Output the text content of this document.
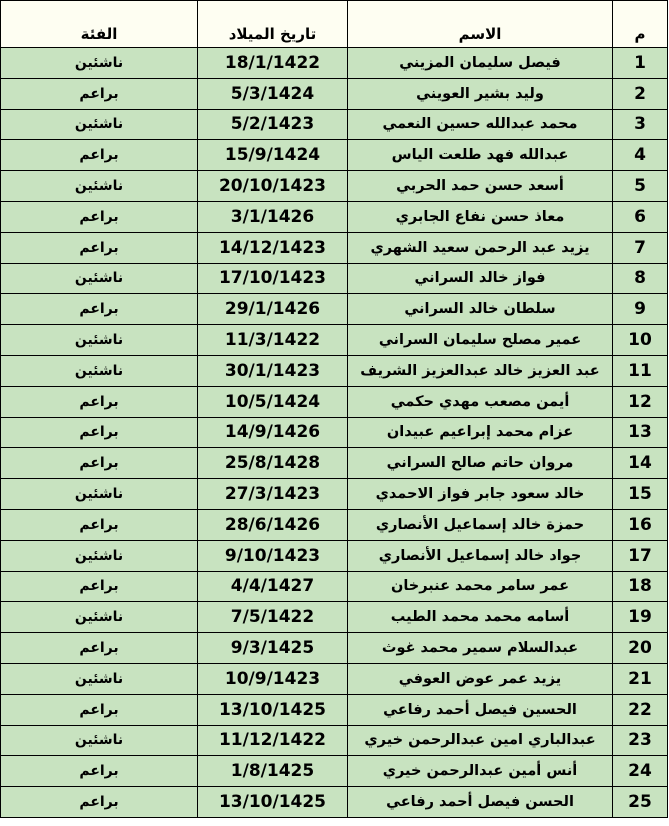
م	الاسم	تاريخ الميلاد	الفئة
1	فيصل سليمان المزيني	18/1/1422	ناشئين
2	وليد بشير العويني	5/3/1424	براعم
3	محمد عبدالله حسين النعمي	5/2/1423	ناشئين
4	عبدالله فهد طلعت الياس	15/9/1424	براعم
5	أسعد حسن حمد الحربي	20/10/1423	ناشئين
6	معاذ حسن نفاع الجابري	3/1/1426	براعم
7	يزيد عبد الرحمن سعيد الشهري	14/12/1423	براعم
8	فواز خالد السراني	17/10/1423	ناشئين
9	سلطان خالد السراني	29/1/1426	براعم
10	عمير مصلح سليمان السراني	11/3/1422	ناشئين
11	عبد العزيز خالد عبدالعزيز الشريف	30/1/1423	ناشئين
12	أيمن مصعب مهدي حكمي	10/5/1424	براعم
13	عزام محمد إبراعيم عبيدان	14/9/1426	براعم
14	مروان حاتم صالح السراني	25/8/1428	براعم
15	خالد سعود جابر فواز الاحمدي	27/3/1423	ناشئين
16	حمزة خالد إسماعيل الأنصاري	28/6/1426	براعم
17	جواد خالد إسماعيل الأنصاري	9/10/1423	ناشئين
18	عمر سامر محمد عنبرخان	4/4/1427	براعم
19	أسامه محمد محمد الطيب	7/5/1422	ناشئين
20	عبدالسلام سمير محمد غوث	9/3/1425	براعم
21	يزيد عمر عوض العوفي	10/9/1423	ناشئين
22	الحسين فيصل أحمد رفاعي	13/10/1425	براعم
23	عبدالباري امين عبدالرحمن خيري	11/12/1422	ناشئين
24	أنس أمين عبدالرحمن خيري	1/8/1425	براعم
25	الحسن فيصل أحمد رفاعي	13/10/1425	براعم
